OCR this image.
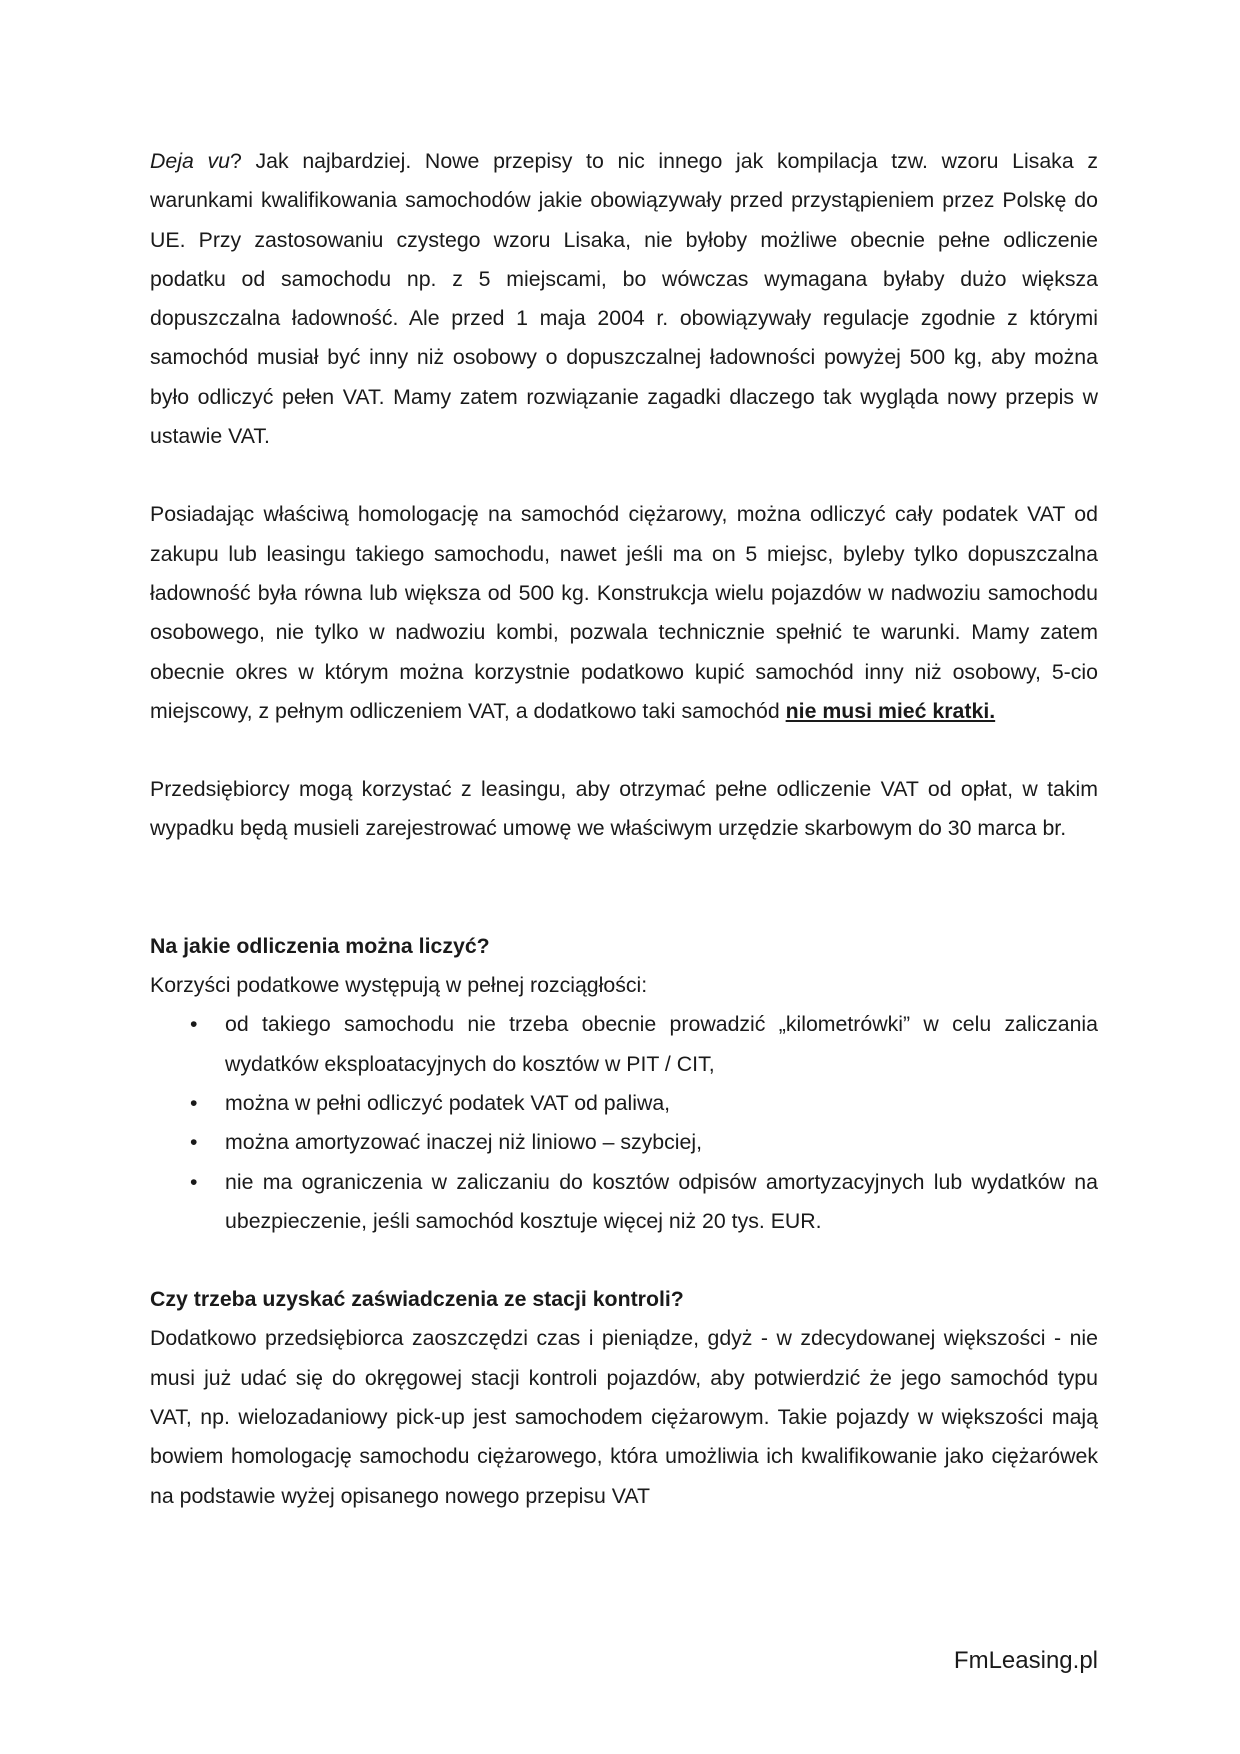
Deja vu? Jak najbardziej. Nowe przepisy to nic innego jak kompilacja tzw. wzoru Lisaka z warunkami kwalifikowania samochodów jakie obowiązywały przed przystąpieniem przez Polskę do UE. Przy zastosowaniu czystego wzoru Lisaka, nie byłoby możliwe obecnie pełne odliczenie podatku od samochodu np. z 5 miejscami, bo wówczas wymagana byłaby dużo większa dopuszczalna ładowność. Ale przed 1 maja 2004 r. obowiązywały regulacje zgodnie z którymi samochód musiał być inny niż osobowy o dopuszczalnej ładowności powyżej 500 kg, aby można było odliczyć pełen VAT. Mamy zatem rozwiązanie zagadki dlaczego tak wygląda nowy przepis w ustawie VAT.

Posiadając właściwą homologację na samochód ciężarowy, można odliczyć cały podatek VAT od zakupu lub leasingu takiego samochodu, nawet jeśli ma on 5 miejsc, byleby tylko dopuszczalna ładowność była równa lub większa od 500 kg. Konstrukcja wielu pojazdów w nadwoziu samochodu osobowego, nie tylko w nadwoziu kombi, pozwala technicznie spełnić te warunki. Mamy zatem obecnie okres w którym można korzystnie podatkowo kupić samochód inny niż osobowy, 5-cio miejscowy, z pełnym odliczeniem VAT, a dodatkowo taki samochód nie musi mieć kratki.

Przedsiębiorcy mogą korzystać z leasingu, aby otrzymać pełne odliczenie VAT od opłat, w takim wypadku będą musieli zarejestrować umowę we właściwym urzędzie skarbowym do 30 marca br.

Na jakie odliczenia można liczyć?

Korzyści podatkowe występują w pełnej rozciągłości:

• od takiego samochodu nie trzeba obecnie prowadzić „kilometrówki” w celu zaliczania wydatków eksploatacyjnych do kosztów w PIT / CIT,
• można w pełni odliczyć podatek VAT od paliwa,
• można amortyzować inaczej niż liniowo – szybciej,
• nie ma ograniczenia w zaliczaniu do kosztów odpisów amortyzacyjnych lub wydatków na ubezpieczenie, jeśli samochód kosztuje więcej niż 20 tys. EUR.

Czy trzeba uzyskać zaświadczenia ze stacji kontroli?

Dodatkowo przedsiębiorca zaoszczędzi czas i pieniądze, gdyż - w zdecydowanej większości - nie musi już udać się do okręgowej stacji kontroli pojazdów, aby potwierdzić że jego samochód typu VAT, np. wielozadaniowy pick-up jest samochodem ciężarowym. Takie pojazdy w większości mają bowiem homologację samochodu ciężarowego, która umożliwia ich kwalifikowanie jako ciężarówek na podstawie wyżej opisanego nowego przepisu VAT

FmLeasing.pl
